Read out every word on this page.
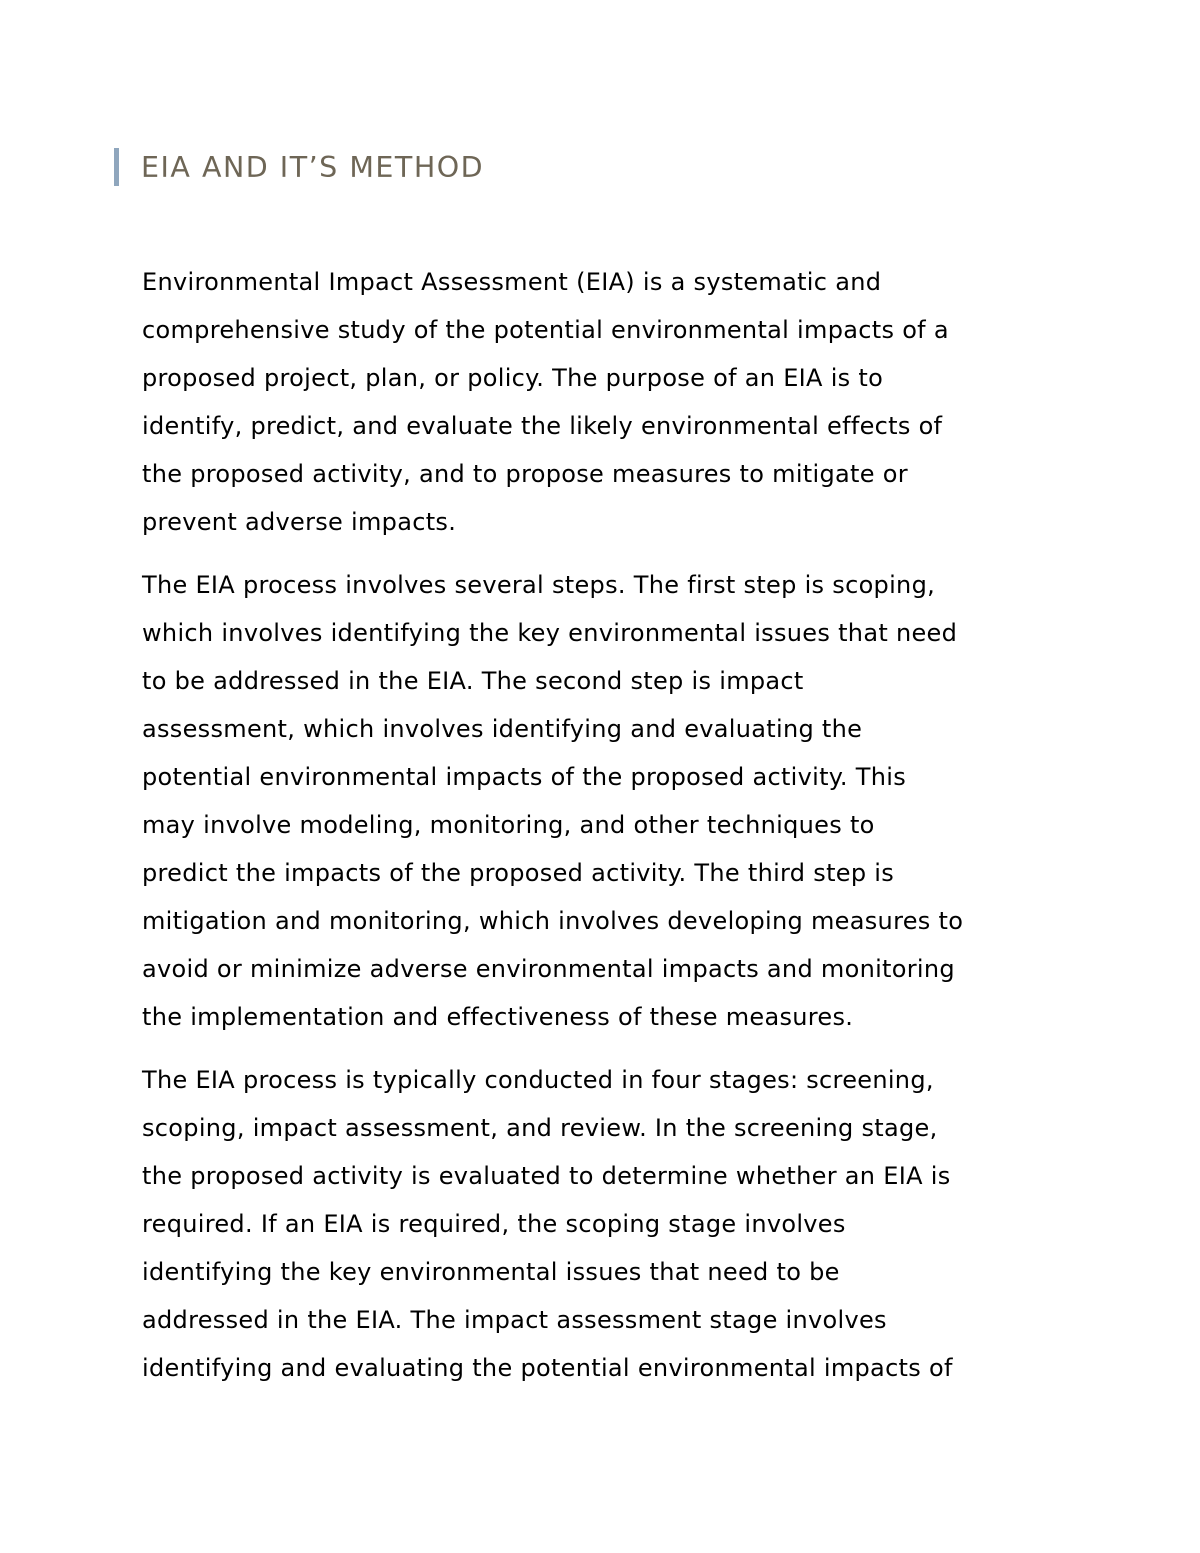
EIA AND IT’S METHOD

Environmental Impact Assessment (EIA) is a systematic and
comprehensive study of the potential environmental impacts of a
proposed project, plan, or policy. The purpose of an EIA is to
identify, predict, and evaluate the likely environmental effects of
the proposed activity, and to propose measures to mitigate or
prevent adverse impacts.

The EIA process involves several steps. The first step is scoping,
which involves identifying the key environmental issues that need
to be addressed in the EIA. The second step is impact
assessment, which involves identifying and evaluating the
potential environmental impacts of the proposed activity. This
may involve modeling, monitoring, and other techniques to
predict the impacts of the proposed activity. The third step is
mitigation and monitoring, which involves developing measures to
avoid or minimize adverse environmental impacts and monitoring
the implementation and effectiveness of these measures.

The EIA process is typically conducted in four stages: screening,
scoping, impact assessment, and review. In the screening stage,
the proposed activity is evaluated to determine whether an EIA is
required. If an EIA is required, the scoping stage involves
identifying the key environmental issues that need to be
addressed in the EIA. The impact assessment stage involves
identifying and evaluating the potential environmental impacts of
